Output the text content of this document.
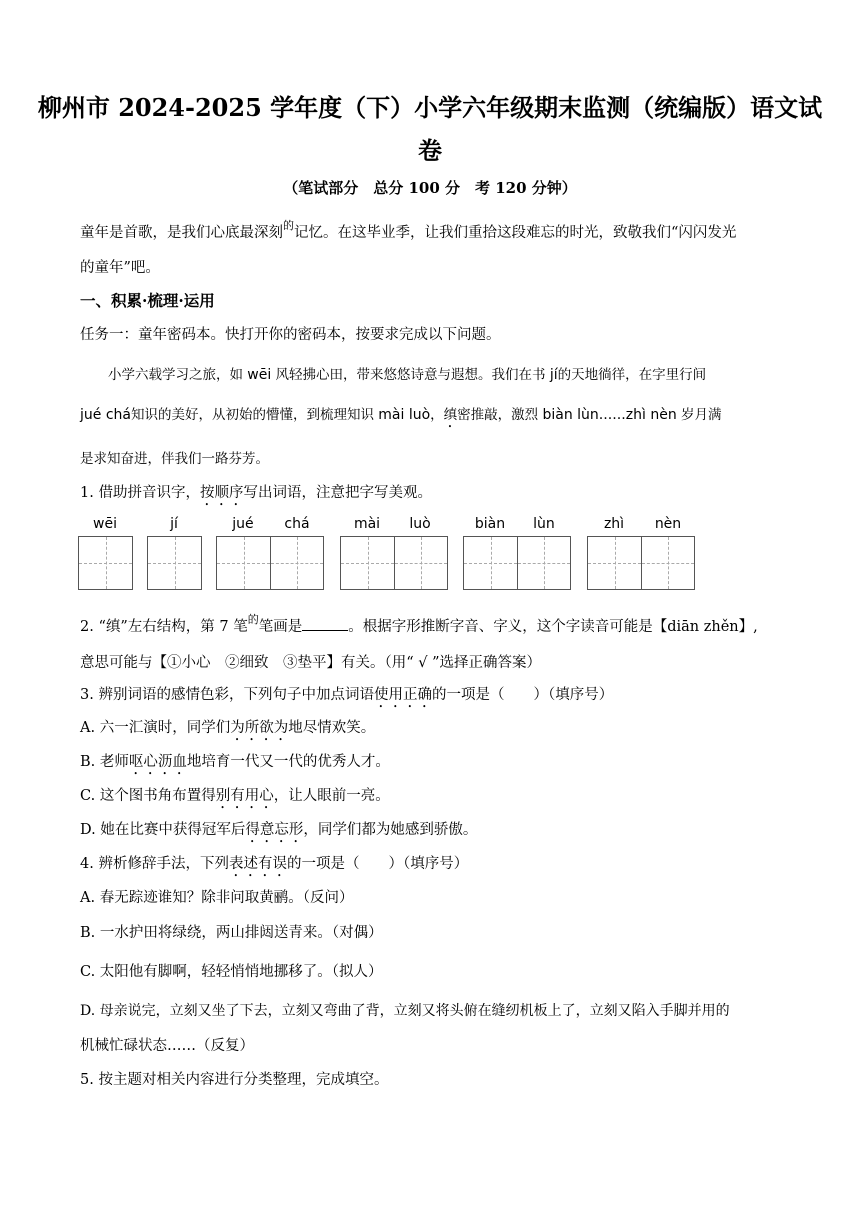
柳州市 2024-2025 学年度（下）小学六年级期末监测（统编版）语文试
卷
（笔试部分　总分 100 分　考 120 分钟）
童年是首歌，是我们心底最深刻$^的$记忆。在这毕业季，让我们重拾这段难忘的时光，致敬我们“闪闪发光
的童年”吧。
一、积累·梳理·运用
任务一：童年密码本。快打开你的密码本，按要求完成以下问题。
小学六载学习之旅，如 wēi 风轻拂心田，带来悠悠诗意与遐想。我们在书 jí的天地徜徉，在字里行间
jué chá知识的美好，从初始的懵懂，到梳理知识 mài luò，缜密推敲，激烈 biàn lùn……zhì nèn 岁月满
是求知奋进，伴我们一路芬芳。
1. 借助拼音识字，按顺序写出词语，注意把字写美观。
wēi	jí	jué	chá	mài	luò	biàn	lùn	zhì	nèn
2. “缜”左右结构，第 7 笔$^的$笔画是	。根据字形推断字音、字义，这个字读音可能是【diān zhěn】,
意思可能与【①小心　②细致　③垫平】有关。（用“ √ ”选择正确答案）
3. 辨别词语的感情色彩，下列句子中加点词语使用正确的一项是（　　）（填序号）
A. 六一汇演时，同学们为所欲为地尽情欢笑。
B. 老师呕心沥血地培育一代又一代的优秀人才。
C. 这个图书角布置得别有用心，让人眼前一亮。
D. 她在比赛中获得冠军后得意忘形，同学们都为她感到骄傲。
4. 辨析修辞手法，下列表述有误的一项是（　　）（填序号）
A. 春无踪迹谁知？除非问取黄鹂。（反问）
B. 一水护田将绿绕，两山排闼送青来。（对偶）
C. 太阳他有脚啊，轻轻悄悄地挪移了。（拟人）
D. 母亲说完，立刻又坐了下去，立刻又弯曲了背，立刻又将头俯在缝纫机板上了，立刻又陷入手脚并用的
机械忙碌状态……（反复）
5. 按主题对相关内容进行分类整理，完成填空。
